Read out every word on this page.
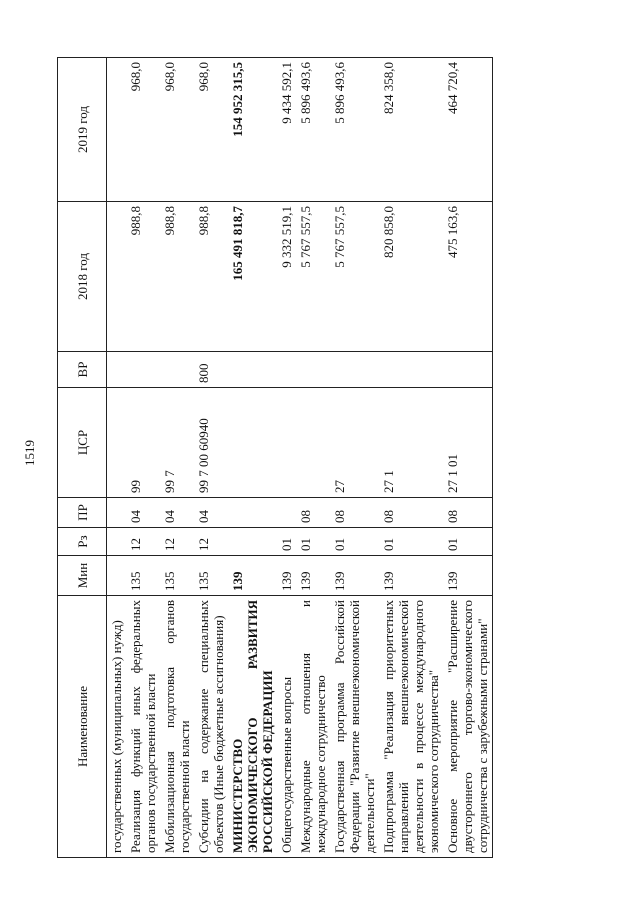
1519
Наименование	Мин	Рз	ПР	ЦСР	ВР	2018 год	2019 год
государственных (муниципальных) нужд)							
Реализация функций иных федеральных органов государственной власти	135	12	04	99		988,8	968,0
Мобилизационная подготовка органов государственной власти	135	12	04	99 7		988,8	968,0
Субсидии на содержание специальных объектов (Иные бюджетные ассигнования)	135	12	04	99 7 00 60940	800	988,8	968,0
МИНИСТЕРСТВО ЭКОНОМИЧЕСКОГО РАЗВИТИЯ РОССИЙСКОЙ ФЕДЕРАЦИИ	139					165 491 818,7	154 952 315,5
Общегосударственные вопросы	139	01				9 332 519,1	9 434 592,1
Международные отношения и международное сотрудничество	139	01	08			5 767 557,5	5 896 493,6
Государственная программа Российской Федерации "Развитие внешнеэкономической деятельности"	139	01	08	27		5 767 557,5	5 896 493,6
Подпрограмма "Реализация приоритетных направлений внешнеэкономической деятельности в процессе международного экономического сотрудничества"	139	01	08	27 1		820 858,0	824 358,0
Основное мероприятие "Расширение двустороннего торгово-экономического сотрудничества с зарубежными странами"	139	01	08	27 1 01		475 163,6	464 720,4
